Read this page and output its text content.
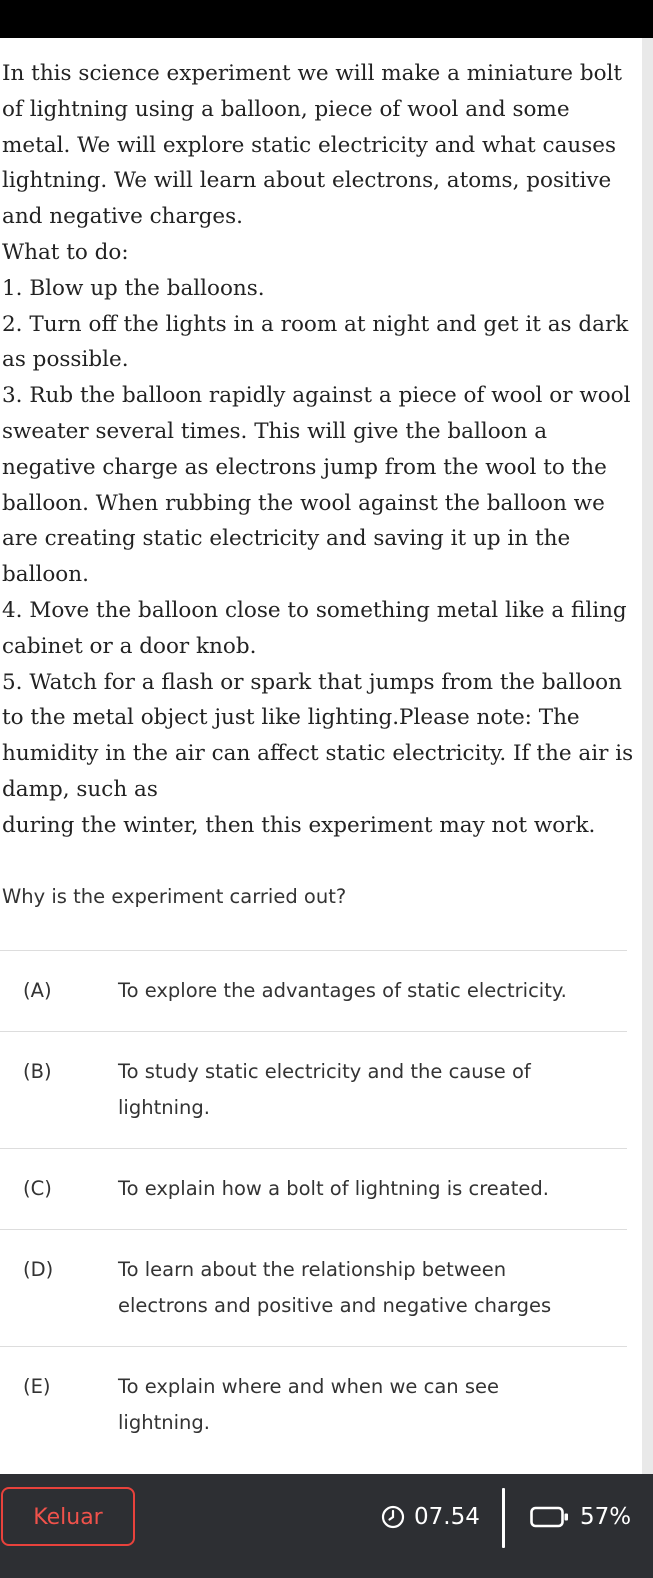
In this science experiment we will make a miniature bolt of lightning using a balloon, piece of wool and some metal. We will explore static electricity and what causes lightning. We will learn about electrons, atoms, positive and negative charges.

What to do:

1. Blow up the balloons.

2. Turn off the lights in a room at night and get it as dark as possible.

3. Rub the balloon rapidly against a piece of wool or wool sweater several times. This will give the balloon a negative charge as electrons jump from the wool to the balloon. When rubbing the wool against the balloon we are creating static electricity and saving it up in the balloon.

4. Move the balloon close to something metal like a filing cabinet or a door knob.

5. Watch for a flash or spark that jumps from the balloon to the metal object just like lighting.Please note: The humidity in the air can affect static electricity. If the air is damp, such as

during the winter, then this experiment may not work.

Why is the experiment carried out?
(A)	To explore the advantages of static electricity.
(B)	To study static electricity and the cause of lightning.
(C)	To explain how a bolt of lightning is created.
(D)	To learn about the relationship between electrons and positive and negative charges
(E)	To explain where and when we can see lightning.
Keluar	07.54	57%
